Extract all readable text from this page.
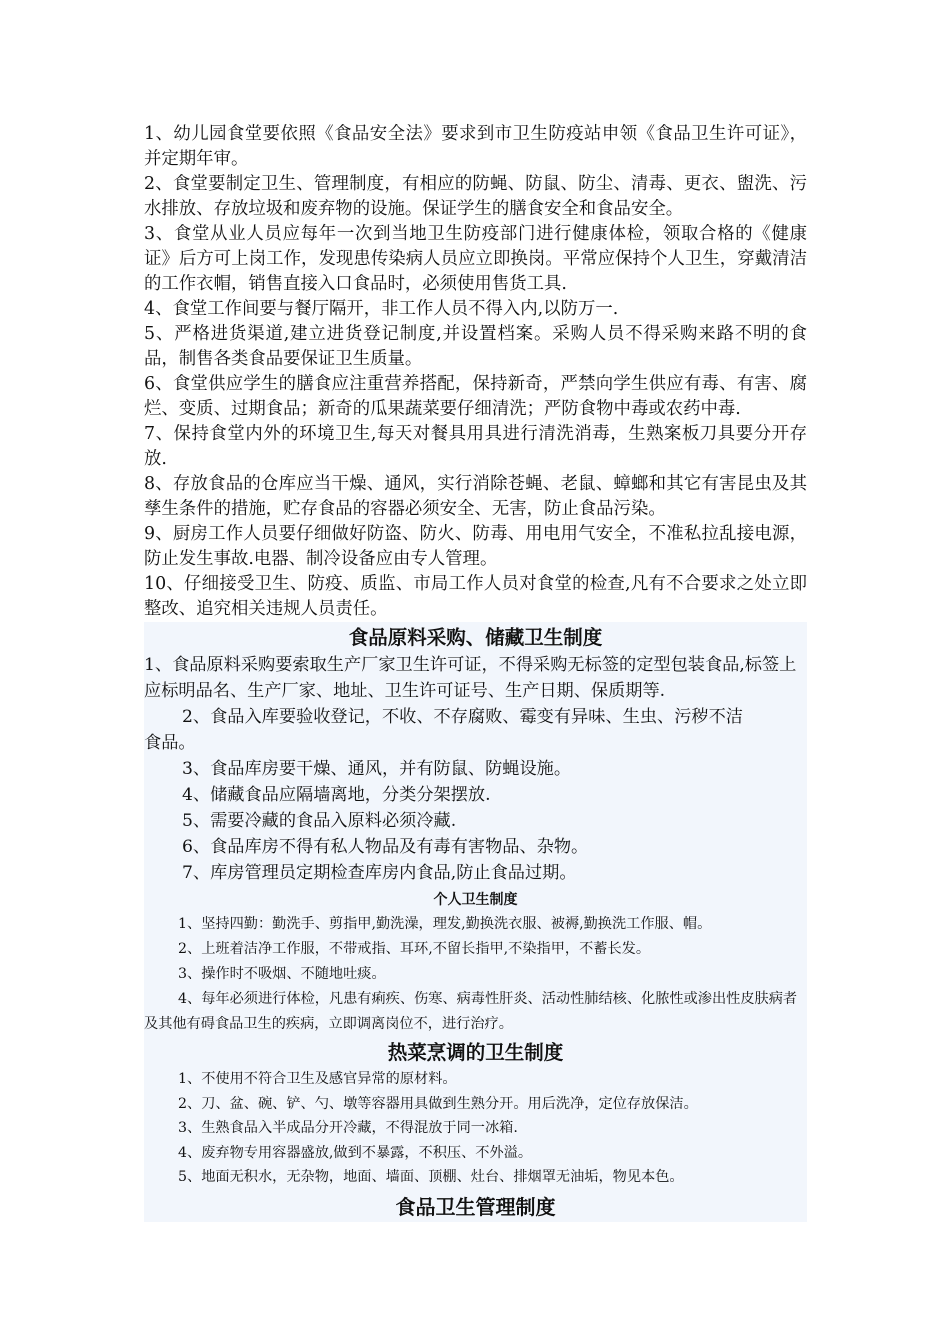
1、幼儿园食堂要依照《食品安全法》要求到市卫生防疫站申领《食品卫生许可证》，并定期年审。

2、食堂要制定卫生、管理制度，有相应的防蝇、防鼠、防尘、清毒、更衣、盥洗、污水排放、存放垃圾和废弃物的设施。保证学生的膳食安全和食品安全。

3、食堂从业人员应每年一次到当地卫生防疫部门进行健康体检，领取合格的《健康证》后方可上岗工作，发现患传染病人员应立即换岗。平常应保持个人卫生，穿戴清洁的工作衣帽，销售直接入口食品时，必须使用售货工具.

4、食堂工作间要与餐厅隔开，非工作人员不得入内,以防万一.

5、严格进货渠道,建立进货登记制度,并设置档案。采购人员不得采购来路不明的食品，制售各类食品要保证卫生质量。

6、食堂供应学生的膳食应注重营养搭配，保持新奇，严禁向学生供应有毒、有害、腐烂、变质、过期食品；新奇的瓜果蔬菜要仔细清洗；严防食物中毒或农药中毒.

7、保持食堂内外的环境卫生,每天对餐具用具进行清洗消毒，生熟案板刀具要分开存放.

8、存放食品的仓库应当干燥、通风，实行消除苍蝇、老鼠、蟑螂和其它有害昆虫及其孳生条件的措施，贮存食品的容器必须安全、无害，防止食品污染。

9、厨房工作人员要仔细做好防盗、防火、防毒、用电用气安全，不准私拉乱接电源，防止发生事故.电器、制冷设备应由专人管理。

10、仔细接受卫生、防疫、质监、市局工作人员对食堂的检查,凡有不合要求之处立即整改、追究相关违规人员责任。

食品原料采购、储藏卫生制度

1、食品原料采购要索取生产厂家卫生许可证，不得采购无标签的定型包装食品,标签上应标明品名、生产厂家、地址、卫生许可证号、生产日期、保质期等.

2、食品入库要验收登记，不收、不存腐败、霉变有异味、生虫、污秽不洁

食品。

3、食品库房要干燥、通风，并有防鼠、防蝇设施。

4、储藏食品应隔墙离地，分类分架摆放.

5、需要冷藏的食品入原料必须冷藏.

6、食品库房不得有私人物品及有毒有害物品、杂物。

7、库房管理员定期检查库房内食品,防止食品过期。

个人卫生制度

1、坚持四勤：勤洗手、剪指甲,勤洗澡，理发,勤换洗衣服、被褥,勤换洗工作服、帽。

2、上班着洁净工作服，不带戒指、耳环,不留长指甲,不染指甲，不蓄长发。

3、操作时不吸烟、不随地吐痰。

4、每年必须进行体检，凡患有痢疾、伤寒、病毒性肝炎、活动性肺结核、化脓性或渗出性皮肤病者及其他有碍食品卫生的疾病，立即调离岗位不，进行治疗。

热菜烹调的卫生制度

1、不使用不符合卫生及感官异常的原材料。

2、刀、盆、碗、铲、勺、墩等容器用具做到生熟分开。用后洗净，定位存放保洁。

3、生熟食品入半成品分开冷藏，不得混放于同一冰箱.

4、废弃物专用容器盛放,做到不暴露，不积压、不外溢。

5、地面无积水，无杂物，地面、墙面、顶棚、灶台、排烟罩无油垢，物见本色。

食品卫生管理制度
